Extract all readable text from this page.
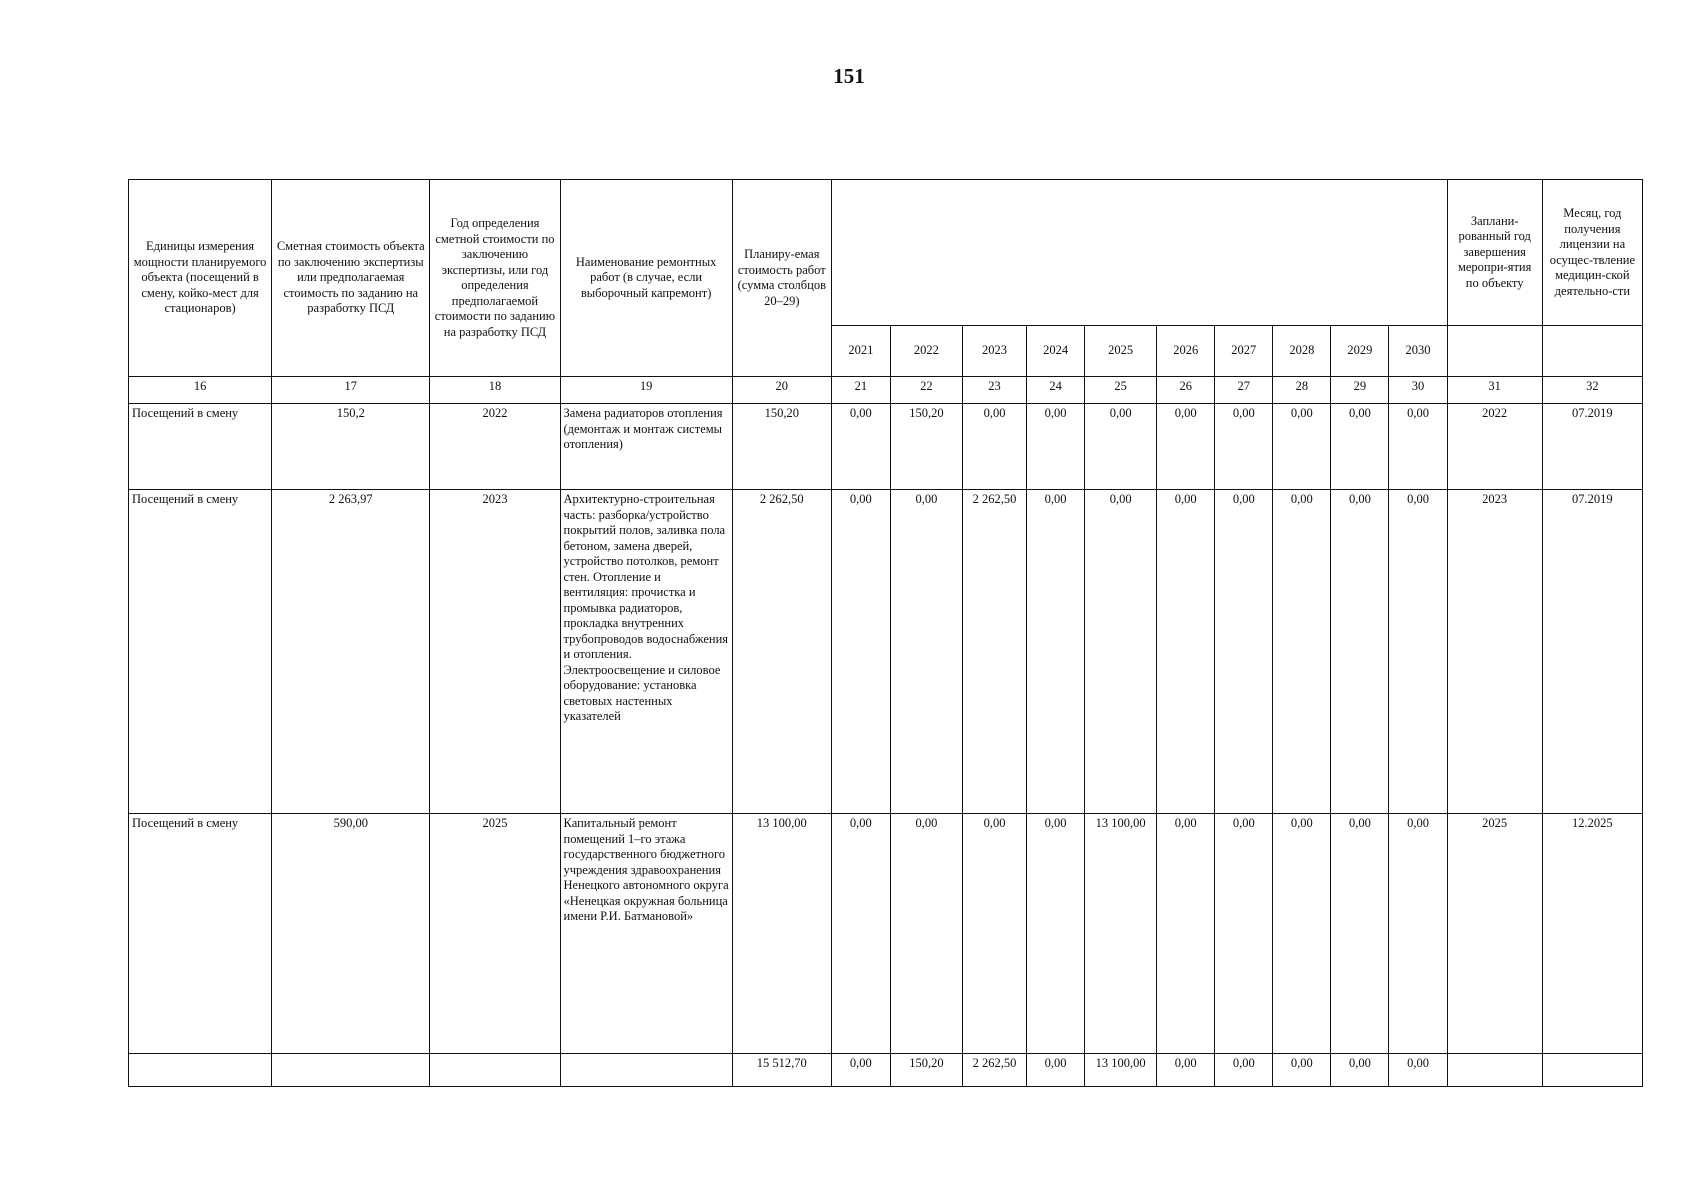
151
Единицы измерения мощности планируемого объекта (посещений в смену, койко-мест для стационаров)	Сметная стоимость объекта по заключению экспертизы или предполагаемая стоимость по заданию на разработку ПСД	Год определения сметной стоимости по заключению экспертизы, или год определения предполагаемой стоимости по заданию на разработку ПСД	Наименование ремонтных работ (в случае, если выборочный капремонт)	Планиру-емая стоимость работ (сумма столбцов 20–29)											Заплани-рованный год завершения меропри-ятия по объекту	Месяц, год получения лицензии на осущес-твление медицин-ской деятельно-сти
					2021	2022	2023	2024	2025	2026	2027	2028	2029	2030		
16	17	18	19	20	21	22	23	24	25	26	27	28	29	30	31	32
Посещений в смену	150,2	2022	Замена радиаторов отопления (демонтаж и монтаж системы отопления)	150,20	0,00	150,20	0,00	0,00	0,00	0,00	0,00	0,00	0,00	0,00	2022	07.2019
Посещений в смену	2 263,97	2023	Архитектурно-строительная часть: разборка/устройство покрытий полов, заливка пола бетоном, замена дверей, устройство потолков, ремонт стен. Отопление и вентиляция: прочистка и промывка радиаторов, прокладка внутренних трубопроводов водоснабжения и отопления. Электроосвещение и силовое оборудование: установка световых настенных указателей	2 262,50	0,00	0,00	2 262,50	0,00	0,00	0,00	0,00	0,00	0,00	0,00	2023	07.2019
Посещений в смену	590,00	2025	Капитальный ремонт помещений 1–го этажа государственного бюджетного учреждения здравоохранения Ненецкого автономного округа «Ненецкая окружная больница имени Р.И. Батмановой»	13 100,00	0,00	0,00	0,00	0,00	13 100,00	0,00	0,00	0,00	0,00	0,00	2025	12.2025
				15 512,70	0,00	150,20	2 262,50	0,00	13 100,00	0,00	0,00	0,00	0,00	0,00		
